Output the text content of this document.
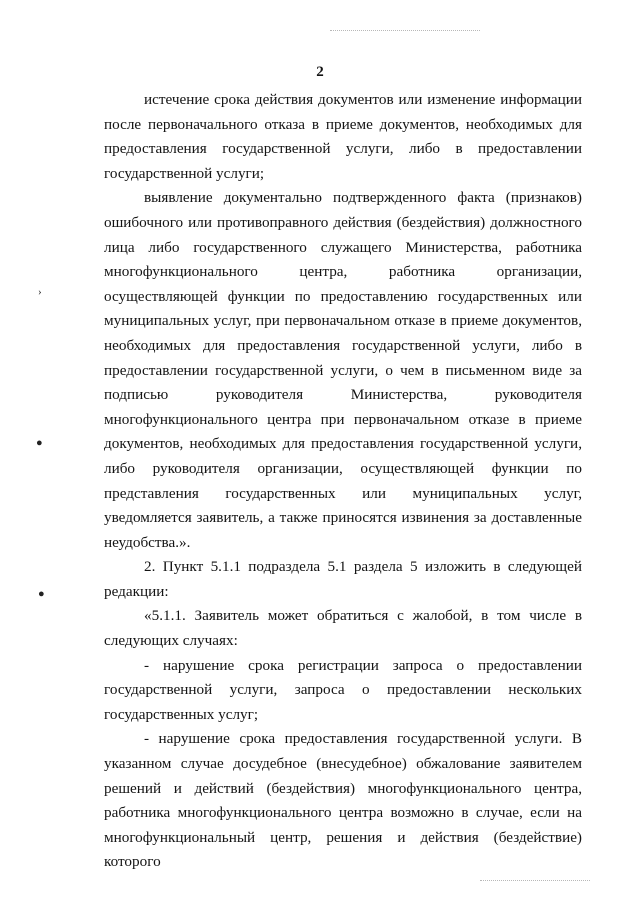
2

истечение срока действия документов или изменение информации после первоначального отказа в приеме документов, необходимых для предоставления государственной услуги, либо в предоставлении государственной услуги;

выявление документально подтвержденного факта (признаков) ошибочного или противоправного действия (бездействия) должностного лица либо государственного служащего Министерства, работника многофункционального центра, работника организации, осуществляющей функции по предоставлению государственных или муниципальных услуг, при первоначальном отказе в приеме документов, необходимых для предоставления государственной услуги, либо в предоставлении государственной услуги, о чем в письменном виде за подписью руководителя Министерства, руководителя многофункционального центра при первоначальном отказе в приеме документов, необходимых для предоставления государственной услуги, либо руководителя организации, осуществляющей функции по представления государственных или муниципальных услуг, уведомляется заявитель, а также приносятся извинения за доставленные неудобства.».

2. Пункт 5.1.1 подраздела 5.1 раздела 5 изложить в следующей редакции:

«5.1.1. Заявитель может обратиться с жалобой, в том числе в следующих случаях:

- нарушение срока регистрации запроса о предоставлении государственной услуги, запроса о предоставлении нескольких государственных услуг;

- нарушение срока предоставления государственной услуги. В указанном случае досудебное (внесудебное) обжалование заявителем решений и действий (бездействия) многофункционального центра, работника многофункционального центра возможно в случае, если на многофункциональный центр, решения и действия (бездействие) которого

›
●
●
